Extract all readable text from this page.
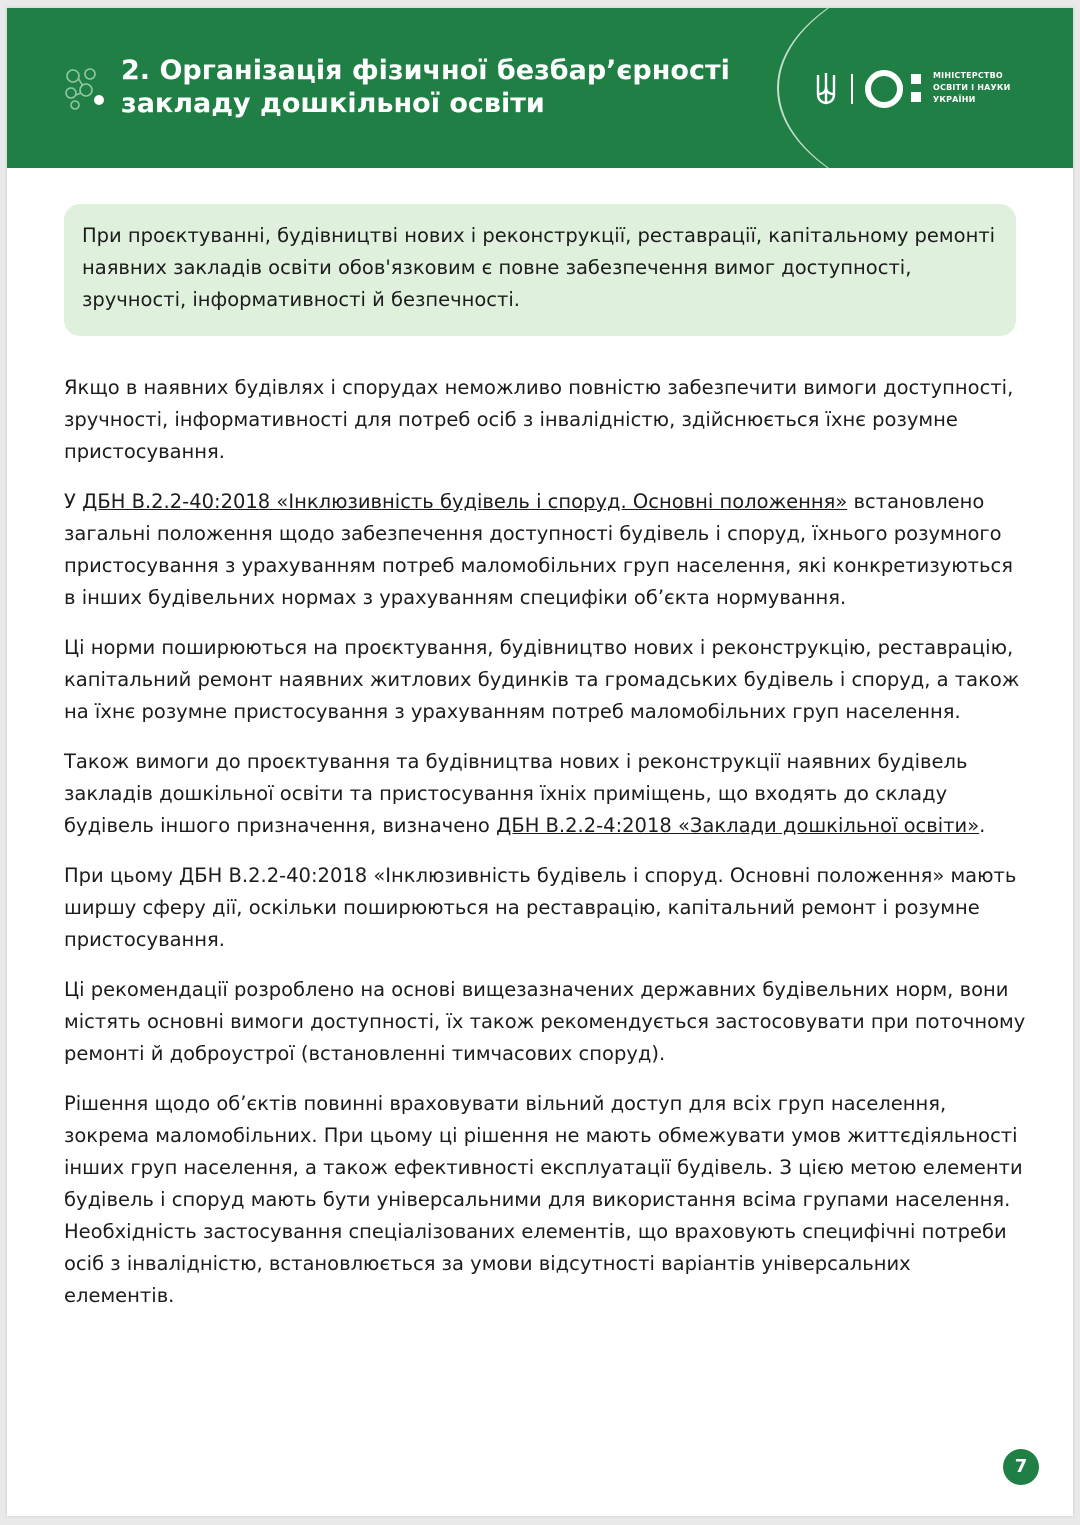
2. Організація фізичної безбар’єрності
закладу дошкільної освіти
МІНІСТЕРСТВО
ОСВІТИ І НАУКИ
УКРАЇНИ

При проєктуванні, будівництві нових і реконструкції, реставрації, капітальному ремонті наявних закладів освіти обов'язковим є повне забезпечення вимог доступності, зручності, інформативності й безпечності.

Якщо в наявних будівлях і спорудах неможливо повністю забезпечити вимоги доступності, зручності, інформативності для потреб осіб з інвалідністю, здійснюється їхнє розумне пристосування.

У ДБН В.2.2-40:2018 «Інклюзивність будівель і споруд. Основні положення» встановлено загальні положення щодо забезпечення доступності будівель і споруд, їхнього розумного пристосування з урахуванням потреб маломобільних груп населення, які конкретизуються в інших будівельних нормах з урахуванням специфіки об’єкта нормування.

Ці норми поширюються на проєктування, будівництво нових і реконструкцію, реставрацію, капітальний ремонт наявних житлових будинків та громадських будівель і споруд, а також на їхнє розумне пристосування з урахуванням потреб маломобільних груп населення.

Також вимоги до проєктування та будівництва нових і реконструкції наявних будівель закладів дошкільної освіти та пристосування їхніх приміщень, що входять до складу будівель іншого призначення, визначено ДБН В.2.2-4:2018 «Заклади дошкільної освіти».

При цьому ДБН В.2.2-40:2018 «Інклюзивність будівель і споруд. Основні положення» мають ширшу сферу дії, оскільки поширюються на реставрацію, капітальний ремонт і розумне пристосування.

Ці рекомендації розроблено на основі вищезазначених державних будівельних норм, вони містять основні вимоги доступності, їх також рекомендується застосовувати при поточному ремонті й доброустрої (встановленні тимчасових споруд).

Рішення щодо об’єктів повинні враховувати вільний доступ для всіх груп населення, зокрема маломобільних. При цьому ці рішення не мають обмежувати умов життєдіяльності інших груп населення, а також ефективності експлуатації будівель. З цією метою елементи будівель і споруд мають бути універсальними для використання всіма групами населення. Необхідність застосування спеціалізованих елементів, що враховують специфічні потреби осіб з інвалідністю, встановлюється за умови відсутності варіантів універсальних елементів.

7
